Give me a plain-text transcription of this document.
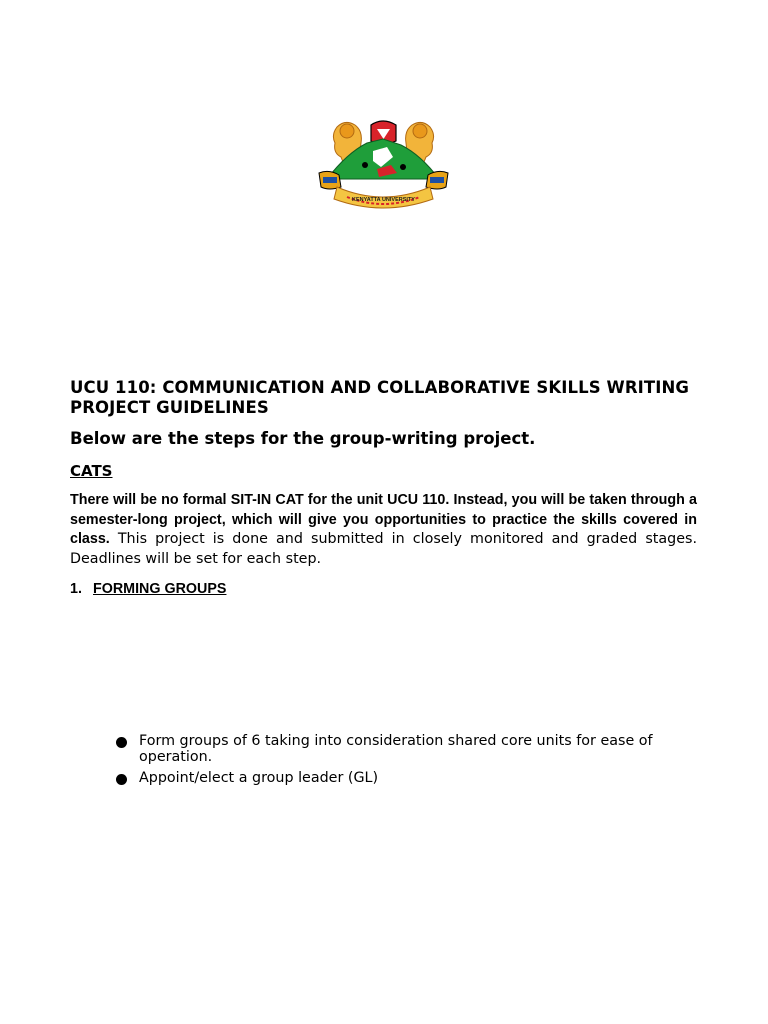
KENYATTA UNIVERSITY
UCU 110: COMMUNICATION AND COLLABORATIVE SKILLS WRITING PROJECT GUIDELINES
Below are the steps for the group-writing project.
CATS

There will be no formal SIT-IN CAT for the unit UCU 110. Instead, you will be taken through a semester-long project, which will give you opportunities to practice the skills covered in class. This project is done and submitted in closely monitored and graded stages. Deadlines will be set for each step.

1. FORMING GROUPS
Form groups of 6 taking into consideration shared core units for ease of operation.
Appoint/elect a group leader (GL)
